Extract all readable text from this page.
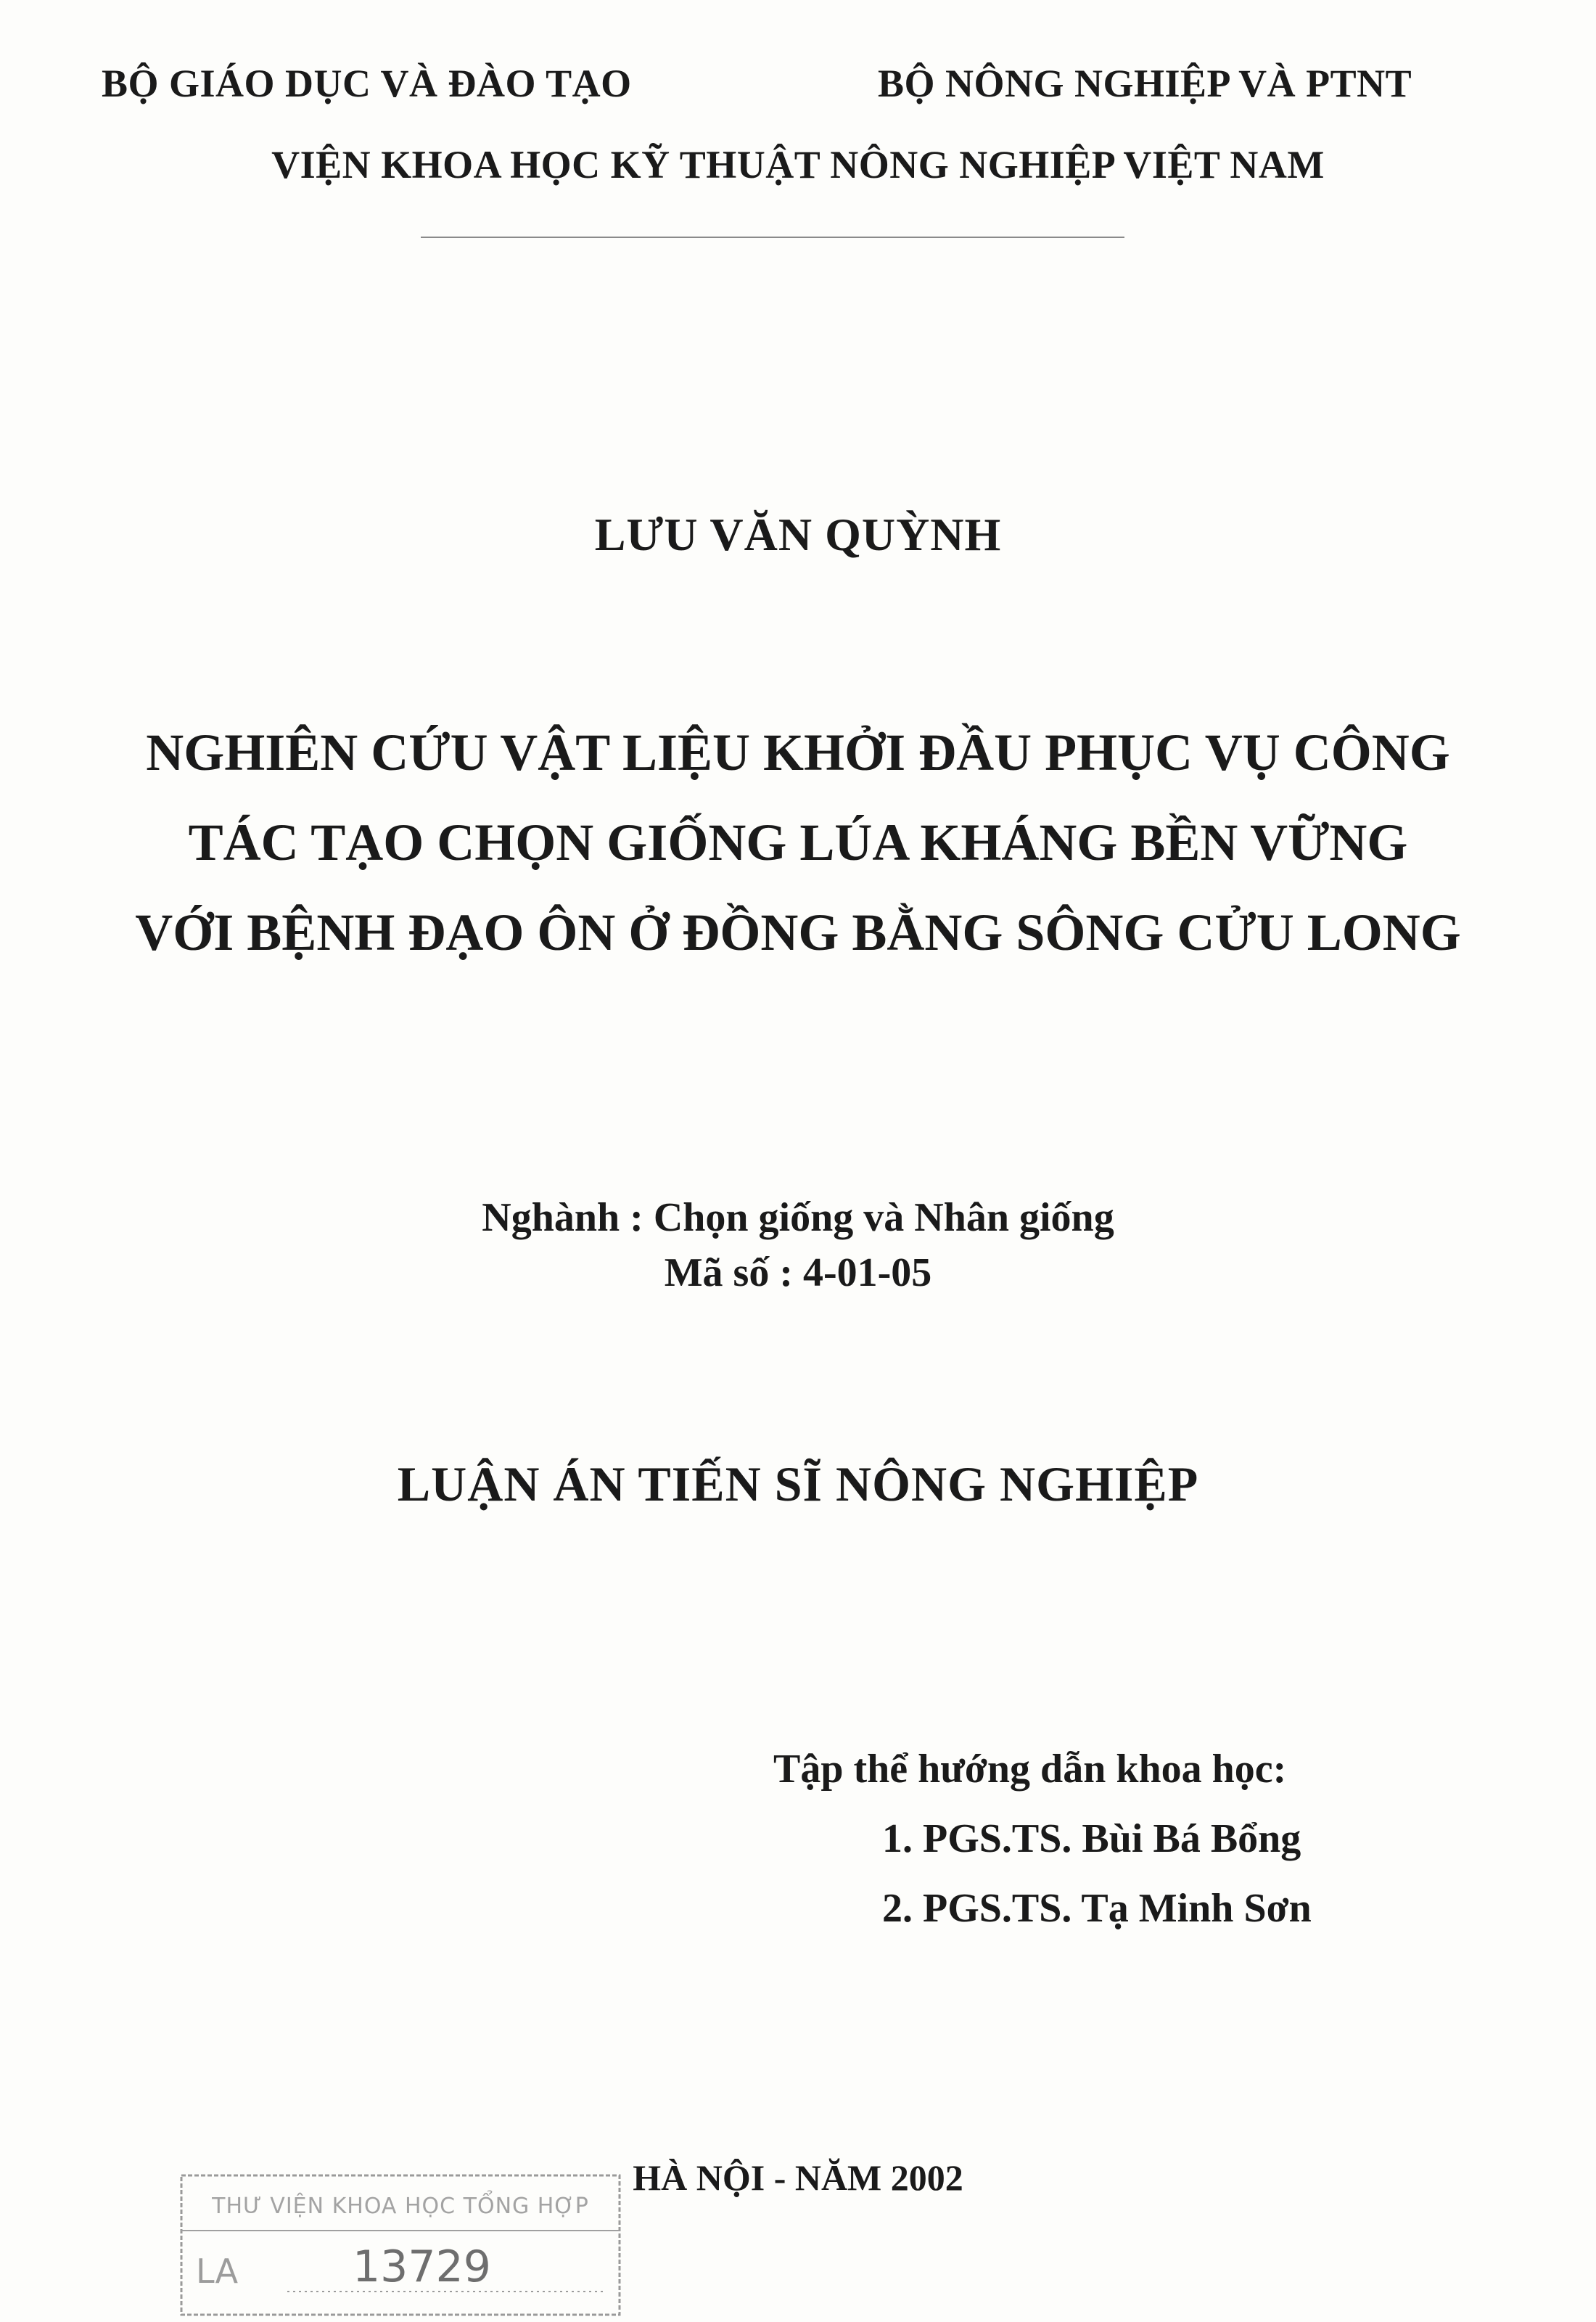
BỘ GIÁO DỤC VÀ ĐÀO TẠO	BỘ NÔNG NGHIỆP VÀ PTNT
VIỆN KHOA HỌC KỸ THUẬT NÔNG NGHIỆP VIỆT NAM
LƯU VĂN QUỲNH
NGHIÊN CỨU VẬT LIỆU KHỞI ĐẦU PHỤC VỤ CÔNG
TÁC TẠO CHỌN GIỐNG LÚA KHÁNG BỀN VỮNG
VỚI BỆNH ĐẠO ÔN Ở ĐỒNG BẰNG SÔNG CỬU LONG
Nghành : Chọn giống và Nhân giống
Mã số : 4-01-05
LUẬN ÁN TIẾN SĨ NÔNG NGHIỆP
Tập thể hướng dẫn khoa học:
1. PGS.TS. Bùi Bá Bổng
2. PGS.TS. Tạ Minh Sơn
HÀ NỘI - NĂM 2002
THƯ VIỆN KHOA HỌC TỔNG HỢP
LA	13729
